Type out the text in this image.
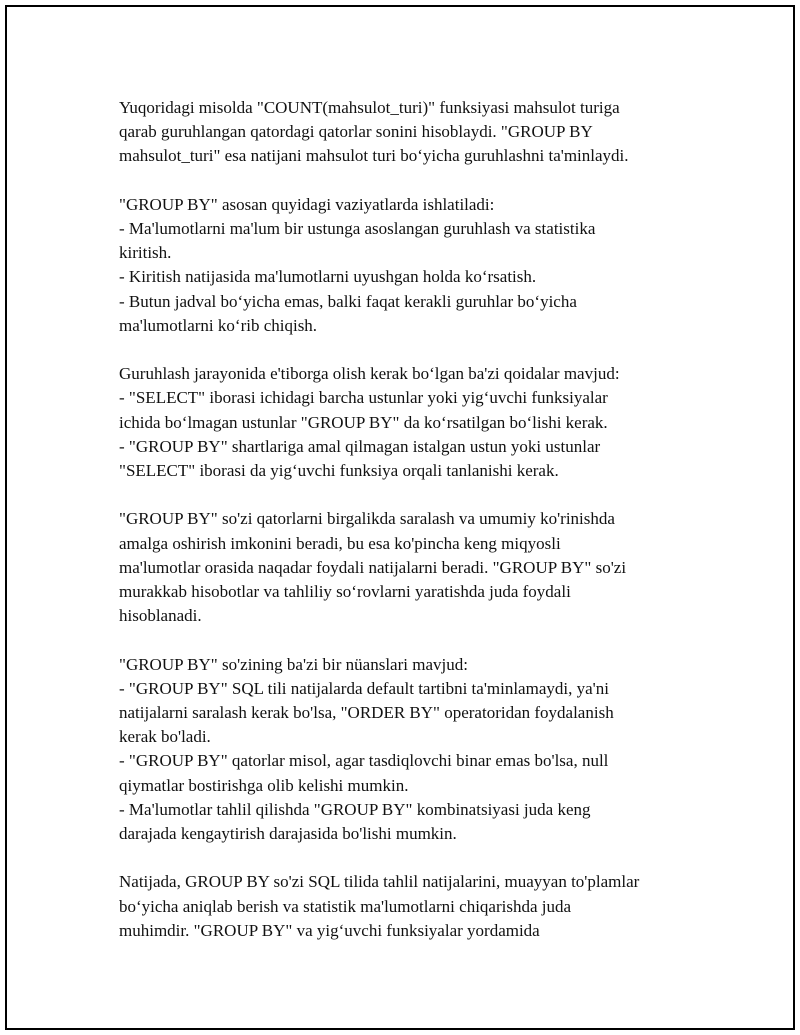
Yuqoridagi misolda "COUNT(mahsulot_turi)" funksiyasi mahsulot turiga
qarab guruhlangan qatordagi qatorlar sonini hisoblaydi. "GROUP BY
mahsulot_turi" esa natijani mahsulot turi bo‘yicha guruhlashni ta'minlaydi.

"GROUP BY" asosan quyidagi vaziyatlarda ishlatiladi:
- Ma'lumotlarni ma'lum bir ustunga asoslangan guruhlash va statistika
kiritish.
- Kiritish natijasida ma'lumotlarni uyushgan holda ko‘rsatish.
- Butun jadval bo‘yicha emas, balki faqat kerakli guruhlar bo‘yicha
ma'lumotlarni ko‘rib chiqish.

Guruhlash jarayonida e'tiborga olish kerak bo‘lgan ba'zi qoidalar mavjud:
- "SELECT" iborasi ichidagi barcha ustunlar yoki yig‘uvchi funksiyalar
ichida bo‘lmagan ustunlar "GROUP BY" da ko‘rsatilgan bo‘lishi kerak.
- "GROUP BY" shartlariga amal qilmagan istalgan ustun yoki ustunlar
"SELECT" iborasi da yig‘uvchi funksiya orqali tanlanishi kerak.

"GROUP BY" so'zi qatorlarni birgalikda saralash va umumiy ko'rinishda
amalga oshirish imkonini beradi, bu esa ko'pincha keng miqyosli
ma'lumotlar orasida naqadar foydali natijalarni beradi. "GROUP BY" so'zi
murakkab hisobotlar va tahliliy so‘rovlarni yaratishda juda foydali
hisoblanadi.

"GROUP BY" so'zining ba'zi bir nüanslari mavjud:
- "GROUP BY" SQL tili natijalarda default tartibni ta'minlamaydi, ya'ni
natijalarni saralash kerak bo'lsa, "ORDER BY" operatoridan foydalanish
kerak bo'ladi.
- "GROUP BY" qatorlar misol, agar tasdiqlovchi binar emas bo'lsa, null
qiymatlar bostirishga olib kelishi mumkin.
- Ma'lumotlar tahlil qilishda "GROUP BY" kombinatsiyasi juda keng
darajada kengaytirish darajasida bo'lishi mumkin.

Natijada, GROUP BY so'zi SQL tilida tahlil natijalarini, muayyan to'plamlar
bo‘yicha aniqlab berish va statistik ma'lumotlarni chiqarishda juda
muhimdir. "GROUP BY" va yig‘uvchi funksiyalar yordamida
